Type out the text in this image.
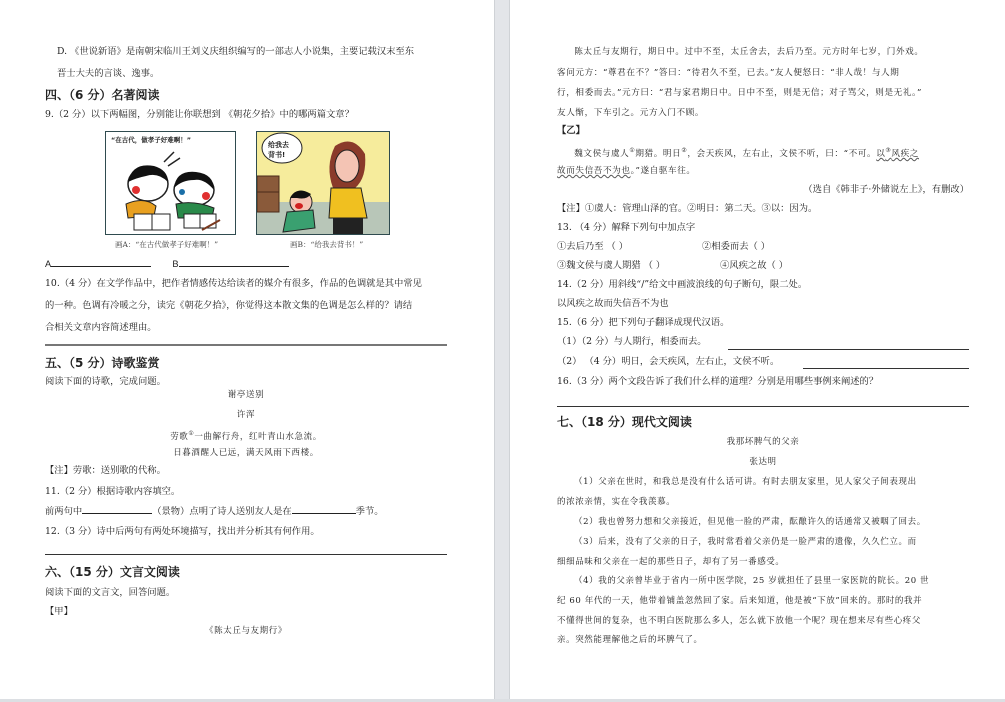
D. 《世说新语》是南朝宋临川王刘义庆组织编写的一部志人小说集，主要记载汉末至东
晋士大夫的言谈、逸事。
四、（6 分）名著阅读
9.（2 分）以下两幅图，分别能让你联想到 《朝花夕拾》中的哪两篇文章？
“在古代，做孝子好难啊！”
给我去
背书!
画A：“在古代做孝子好难啊！”	画B：“给我去背书！”
A	B
10.（4 分）在文学作品中，把作者情感传达给读者的媒介有很多，作品的色调就是其中常见
的一种。色调有冷暖之分，读完《朝花夕拾》，你觉得这本散文集的色调是怎么样的？请结
合相关文章内容简述理由。
五、（5 分）诗歌鉴赏
阅读下面的诗歌，完成问题。
谢亭送别
许浑
劳歌①一曲解行舟，红叶青山水急流。
日暮酒醒人已远，满天风雨下西楼。
【注】劳歌：送别歌的代称。
11.（2 分）根据诗歌内容填空。
前两句中	（景物）点明了诗人送别友人是在	季节。
12.（3 分）诗中后两句有两处环境描写，找出并分析其有何作用。
六、（15 分）文言文阅读
阅读下面的文言文，回答问题。
【甲】
《陈太丘与友期行》
陈太丘与友期行，期日中。过中不至，太丘舍去，去后乃至。元方时年七岁，门外戏。
客问元方：“尊君在不？”答曰：“待君久不至，已去。”友人便怒曰：“非人哉！与人期
行，相委而去。”元方曰：“君与家君期日中。日中不至，则是无信；对子骂父，则是无礼。”
友人惭，下车引之。元方入门不顾。
【乙】
魏文侯与虞人①期猎。明日②，会天疾风，左右止，文侯不听，曰：“不可。以③风疾之
故而失信吾不为也。”遂自驱车往。
（选自《韩非子·外储说左上》，有删改）
【注】①虞人：管理山泽的官。②明日：第二天。③以：因为。
13. （4 分）解释下列句中加点字
①去后乃至 （ ）	②相委而去（ ）
③魏文侯与虞人期猎 （ ）	④风疾之故（ ）
14.（2 分）用斜线“/”给文中画波浪线的句子断句，限二处。
以风疾之故而失信吾不为也
15.（6 分）把下列句子翻译成现代汉语。
（1）（2 分）与人期行，相委而去。
（2） （4 分）明日，会天疾风，左右止，文侯不听。
16.（3 分）两个文段告诉了我们什么样的道理？分别是用哪些事例来阐述的？
七、（18 分）现代文阅读
我那坏脾气的父亲
张达明
（1）父亲在世时，和我总是没有什么话可讲。有时去朋友家里，见人家父子间表现出
的浓浓亲情，实在令我羡慕。
（2）我也曾努力想和父亲接近，但见他一脸的严肃，酝酿许久的话通常又被咽了回去。
（3）后来，没有了父亲的日子，我时常看着父亲仍是一脸严肃的遗像，久久伫立。而
细细品味和父亲在一起的那些日子，却有了另一番感受。
（4）我的父亲曾毕业于省内一所中医学院，25 岁就担任了县里一家医院的院长。20 世
纪 60 年代的一天，他带着铺盖忽然回了家。后来知道，他是被“下放”回来的。那时的我并
不懂得世间的复杂，也不明白医院那么多人，怎么就下放他一个呢？现在想来尽有些心疼父
亲。突然能理解他之后的坏脾气了。
